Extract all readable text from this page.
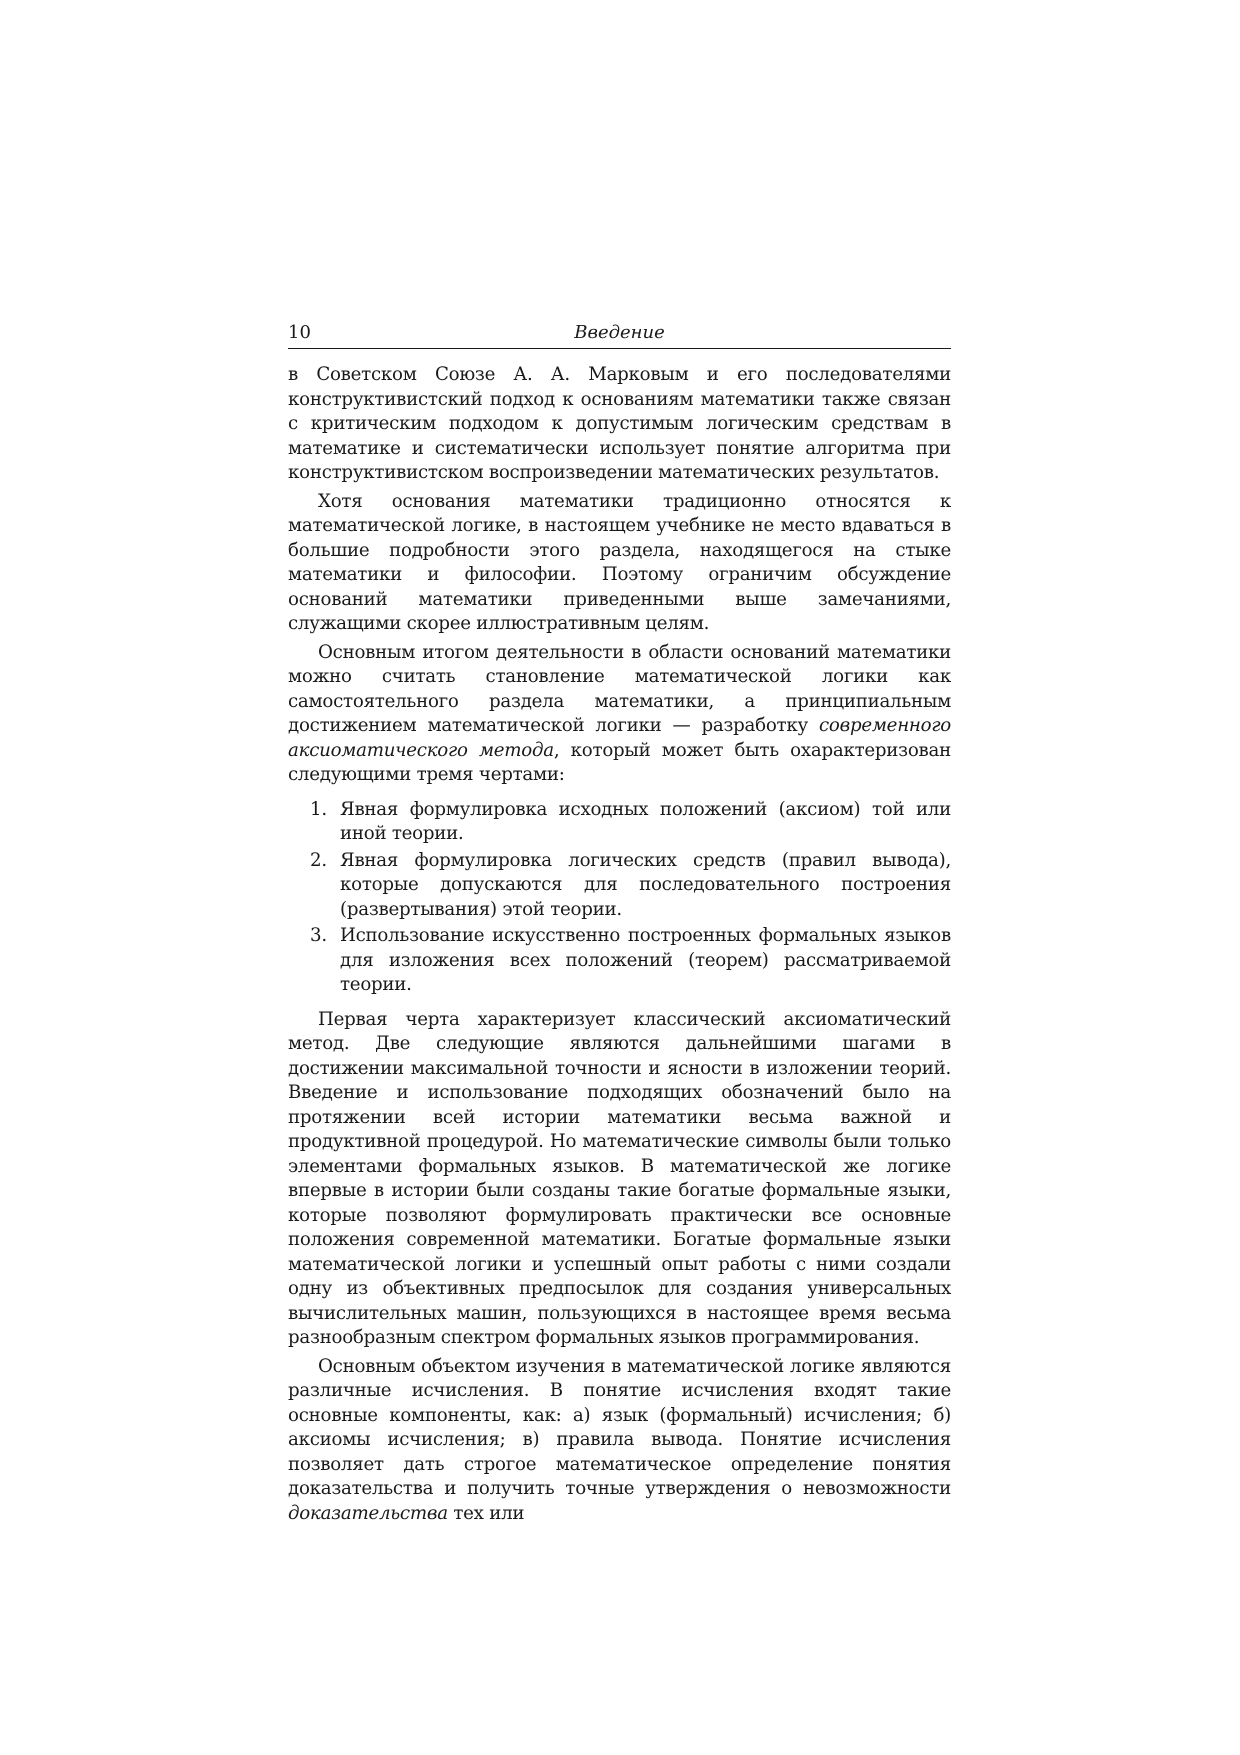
10	Введение

в Советском Союзе А. А. Марковым и его последователями конструктивистский подход к основаниям математики также связан с критическим подходом к допустимым логическим средствам в математике и систематически использует понятие алгоритма при конструктивистском воспроизведении математических результатов.

Хотя основания математики традиционно относятся к математической логике, в настоящем учебнике не место вдаваться в большие подробности этого раздела, находящегося на стыке математики и философии. Поэтому ограничим обсуждение оснований математики приведенными выше замечаниями, служащими скорее иллюстративным целям.

Основным итогом деятельности в области оснований математики можно считать становление математической логики как самостоятельного раздела математики, а принципиальным достижением математической логики — разработку современного аксиоматического метода, который может быть охарактеризован следующими тремя чертами:

1. Явная формулировка исходных положений (аксиом) той или иной теории.
2. Явная формулировка логических средств (правил вывода), которые допускаются для последовательного построения (развертывания) этой теории.
3. Использование искусственно построенных формальных языков для изложения всех положений (теорем) рассматриваемой теории.

Первая черта характеризует классический аксиоматический метод. Две следующие являются дальнейшими шагами в достижении максимальной точности и ясности в изложении теорий. Введение и использование подходящих обозначений было на протяжении всей истории математики весьма важной и продуктивной процедурой. Но математические символы были только элементами формальных языков. В математической же логике впервые в истории были созданы такие богатые формальные языки, которые позволяют формулировать практически все основные положения современной математики. Богатые формальные языки математической логики и успешный опыт работы с ними создали одну из объективных предпосылок для создания универсальных вычислительных машин, пользующихся в настоящее время весьма разнообразным спектром формальных языков программирования.

Основным объектом изучения в математической логике являются различные исчисления. В понятие исчисления входят такие основные компоненты, как: а) язык (формальный) исчисления; б) аксиомы исчисления; в) правила вывода. Понятие исчисления позволяет дать строгое математическое определение понятия доказательства и получить точные утверждения о невозможности доказательства тех или
